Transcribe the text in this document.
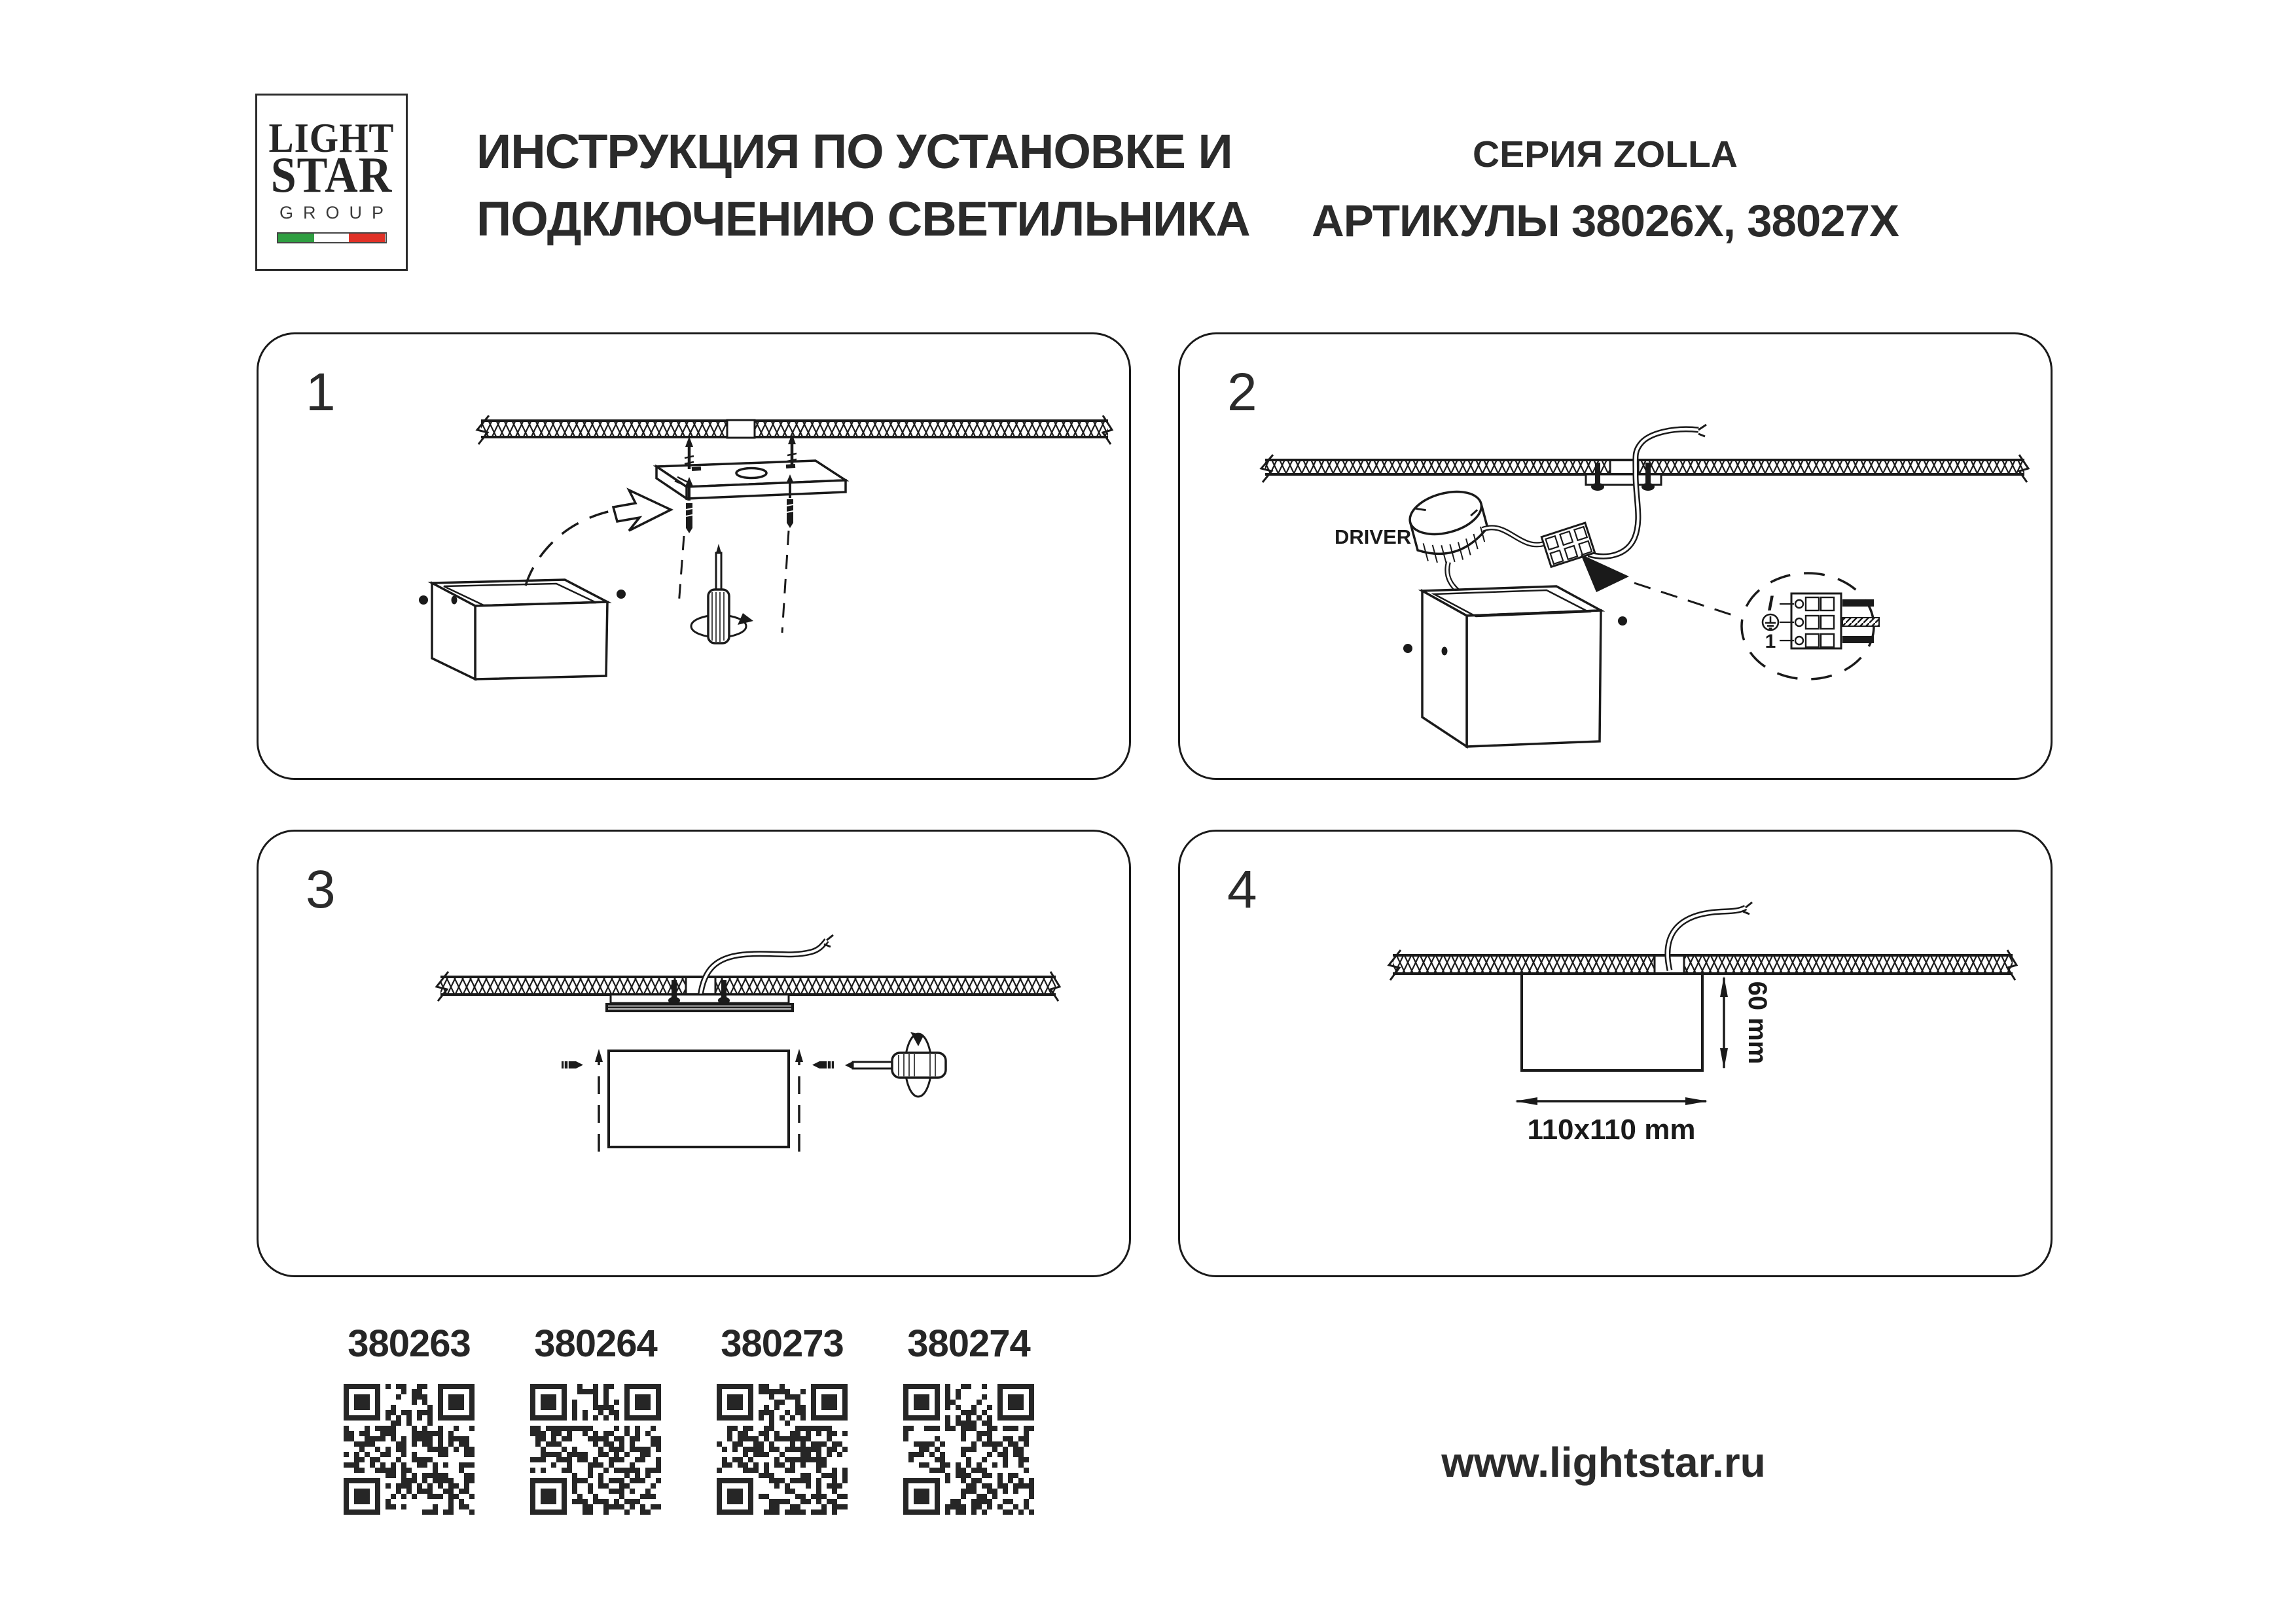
LIGHT
STAR
GROUP
ИНСТРУКЦИЯ ПО УСТАНОВКЕ И
ПОДКЛЮЧЕНИЮ СВЕТИЛЬНИКА
СЕРИЯ ZOLLA
АРТИКУЛЫ 38026X, 38027X
1	2
DRIVER
I
1
3	4
60 mm
110x110 mm
380263	380264	380273	380274
www.lightstar.ru
